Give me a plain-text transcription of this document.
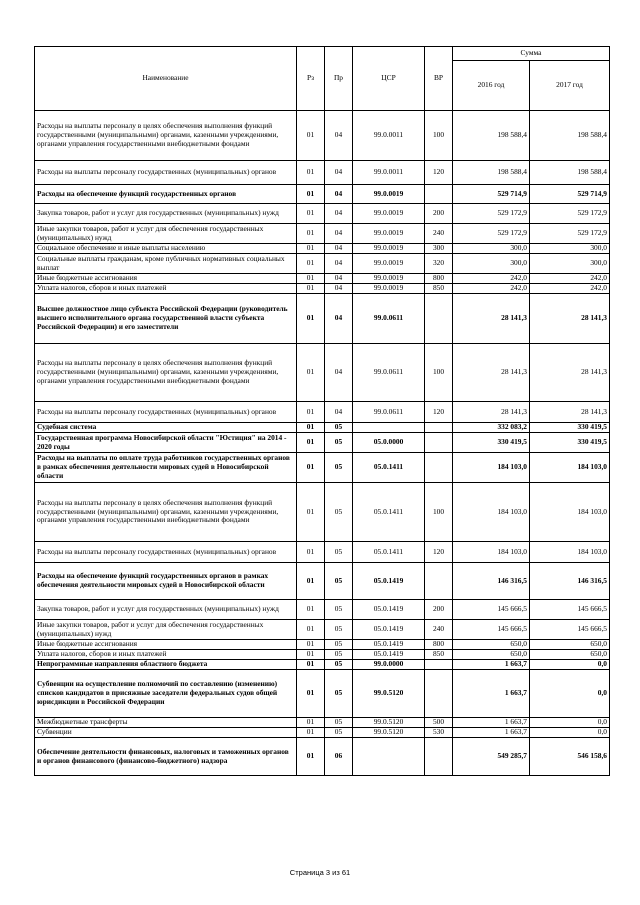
Наименование	Рз	Пр	ЦСР	ВР	Сумма	
					2016 год	2017 год
Расходы на выплаты персоналу в целях обеспечения выполнения функций государственными (муниципальными) органами, казенными учреждениями, органами управления государственными внебюджетными фондами	01	04	99.0.0011	100	198 588,4	198 588,4
Расходы на выплаты персоналу государственных (муниципальных) органов	01	04	99.0.0011	120	198 588,4	198 588,4
Расходы на обеспечение функций государственных органов	01	04	99.0.0019		529 714,9	529 714,9
Закупка товаров, работ и услуг для государственных (муниципальных) нужд	01	04	99.0.0019	200	529 172,9	529 172,9
Иные закупки товаров, работ и услуг для обеспечения государственных (муниципальных) нужд	01	04	99.0.0019	240	529 172,9	529 172,9
Социальное обеспечение и иные выплаты населению	01	04	99.0.0019	300	300,0	300,0
Социальные выплаты гражданам, кроме публичных нормативных социальных выплат	01	04	99.0.0019	320	300,0	300,0
Иные бюджетные ассигнования	01	04	99.0.0019	800	242,0	242,0
Уплата налогов, сборов и иных платежей	01	04	99.0.0019	850	242,0	242,0
Высшее должностное лицо субъекта Российской Федерации (руководитель высшего исполнительного органа государственной власти субъекта Российской Федерации) и его заместители	01	04	99.0.0611		28 141,3	28 141,3
Расходы на выплаты персоналу в целях обеспечения выполнения функций государственными (муниципальными) органами, казенными учреждениями, органами управления государственными внебюджетными фондами	01	04	99.0.0611	100	28 141,3	28 141,3
Расходы на выплаты персоналу государственных (муниципальных) органов	01	04	99.0.0611	120	28 141,3	28 141,3
Судебная система	01	05			332 083,2	330 419,5
Государственная программа Новосибирской области "Юстиция" на 2014 - 2020 годы	01	05	05.0.0000		330 419,5	330 419,5
Расходы на выплаты по оплате труда работников государственных органов в рамках обеспечения деятельности мировых судей в Новосибирской области	01	05	05.0.1411		184 103,0	184 103,0
Расходы на выплаты персоналу в целях обеспечения выполнения функций государственными (муниципальными) органами, казенными учреждениями, органами управления государственными внебюджетными фондами	01	05	05.0.1411	100	184 103,0	184 103,0
Расходы на выплаты персоналу государственных (муниципальных) органов	01	05	05.0.1411	120	184 103,0	184 103,0
Расходы на обеспечение функций государственных органов в рамках обеспечения деятельности мировых судей в Новосибирской области	01	05	05.0.1419		146 316,5	146 316,5
Закупка товаров, работ и услуг для государственных (муниципальных) нужд	01	05	05.0.1419	200	145 666,5	145 666,5
Иные закупки товаров, работ и услуг для обеспечения государственных (муниципальных) нужд	01	05	05.0.1419	240	145 666,5	145 666,5
Иные бюджетные ассигнования	01	05	05.0.1419	800	650,0	650,0
Уплата налогов, сборов и иных платежей	01	05	05.0.1419	850	650,0	650,0
Непрограммные направления областного бюджета	01	05	99.0.0000		1 663,7	0,0
Субвенции на осуществление полномочий по составлению (изменению) списков кандидатов в присяжные заседатели федеральных судов общей юрисдикции в Российской Федерации	01	05	99.0.5120		1 663,7	0,0
Межбюджетные трансферты	01	05	99.0.5120	500	1 663,7	0,0
Субвенции	01	05	99.0.5120	530	1 663,7	0,0
Обеспечение деятельности финансовых, налоговых и таможенных органов и органов финансового (финансово-бюджетного) надзора	01	06			549 285,7	546 158,6
Страница 3 из 61
